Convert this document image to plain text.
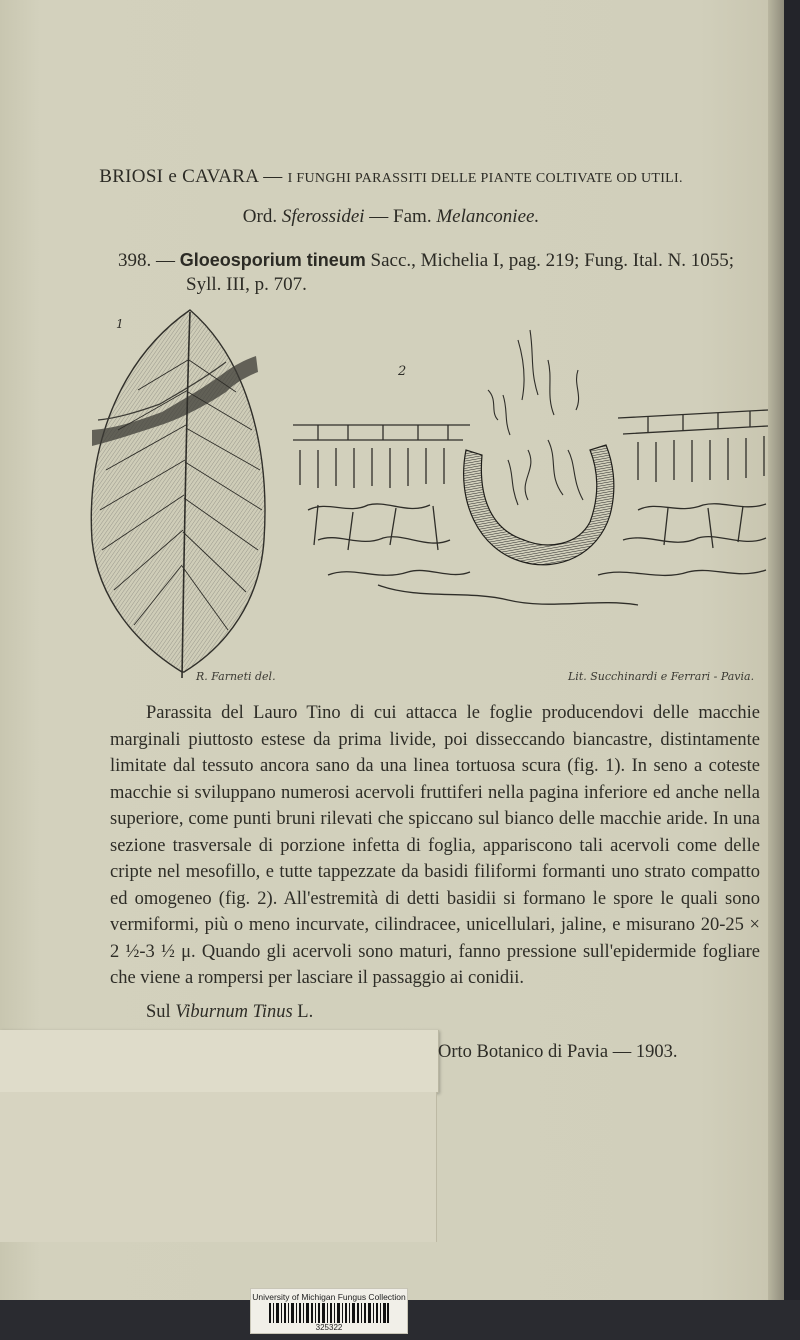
BRIOSI e CAVARA — I FUNGHI PARASSITI DELLE PIANTE COLTIVATE OD UTILI.
Ord. Sferossidei — Fam. Melanconiee.
398. — Gloeosporium tineum Sacc., Michelia I, pag. 219; Fung. Ital. N. 1055;
Syll. III, p. 707.
1
2
R. Farneti del.	Lit. Succhinardi e Ferrari - Pavia.

Parassita del Lauro Tino di cui attacca le foglie producendovi delle macchie marginali piuttosto estese da prima livide, poi disseccando biancastre, distintamente limitate dal tessuto ancora sano da una linea tortuosa scura (fig. 1). In seno a coteste macchie si sviluppano numerosi acervoli fruttiferi nella pagina inferiore ed anche nella superiore, come punti bruni rilevati che spiccano sul bianco delle macchie aride. In una sezione trasversale di porzione infetta di foglia, appariscono tali acervoli come delle cripte nel mesofillo, e tutte tappezzate da basidi filiformi formanti uno strato compatto ed omogeneo (fig. 2). All'estremità di detti basidii si formano le spore le quali sono vermiformi, più o meno incurvate, cilindracee, unicellulari, jaline, e misurano 20-25 × 2 ½-3 ½ μ. Quando gli acervoli sono maturi, fanno pressione sull'epidermide fogliare che viene a rompersi per lasciare il passaggio ai conidii.

Sul Viburnum Tinus L.
Orto Botanico di Pavia — 1903.
University of Michigan Fungus Collection
325322
